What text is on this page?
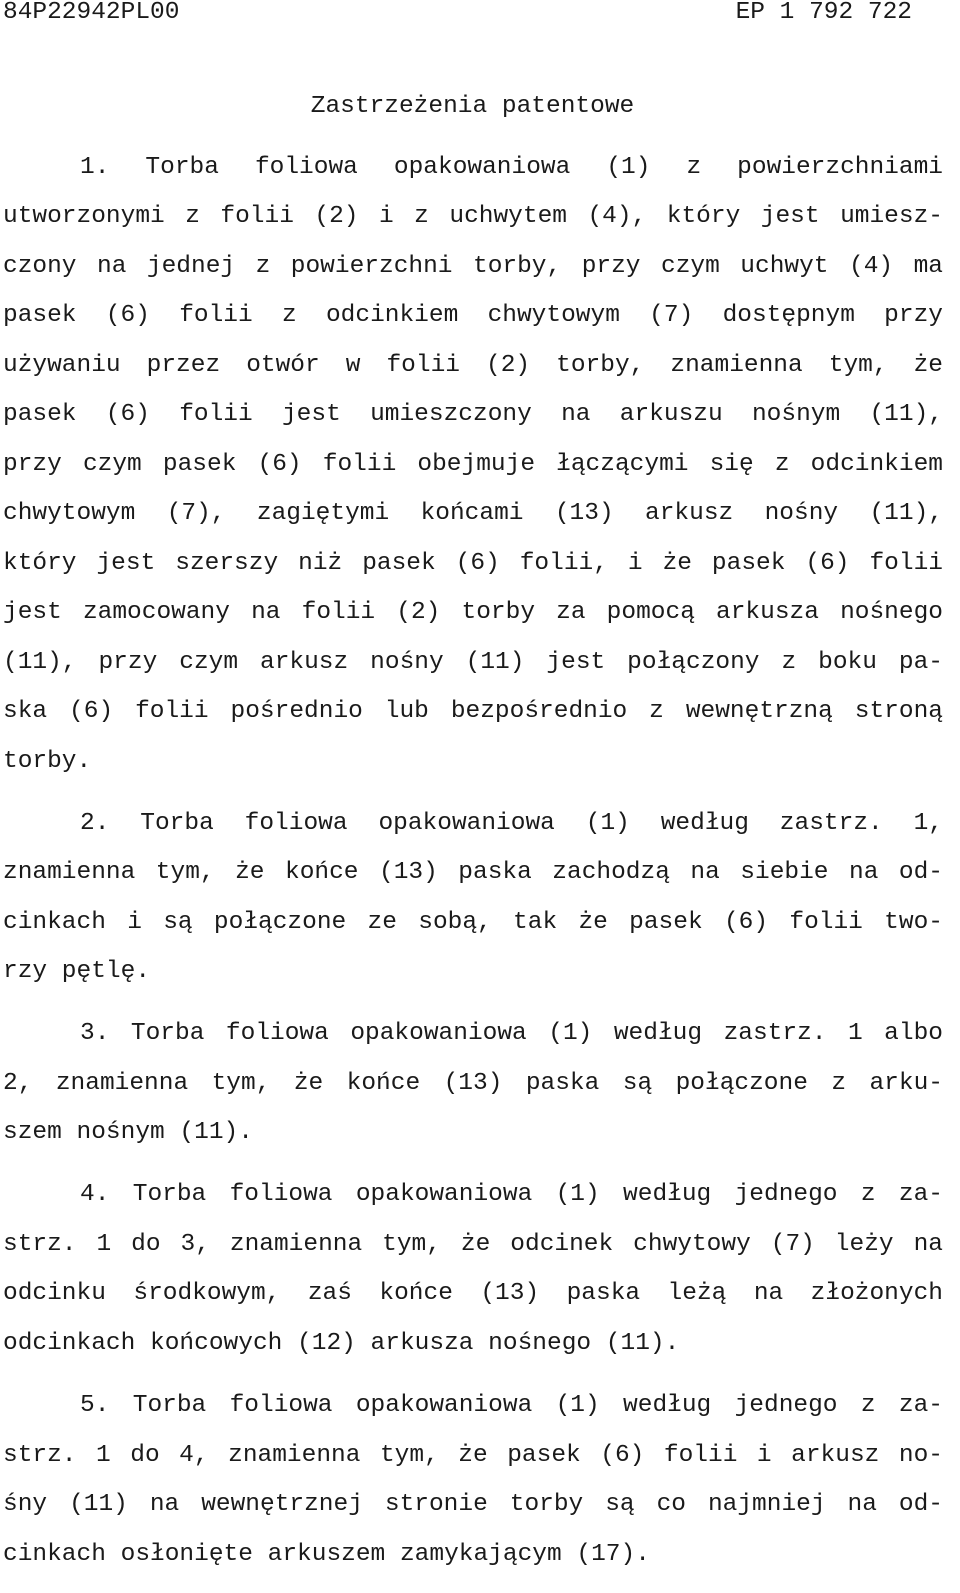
84P22942PL00	EP 1 792 722
Zastrzeżenia patentowe
1. Torba foliowa opakowaniowa (1) z powierzchniami
utworzonymi z folii (2) i z uchwytem (4), który jest umiesz-
czony na jednej z powierzchni torby, przy czym uchwyt (4) ma
pasek (6) folii z odcinkiem chwytowym (7) dostępnym przy
używaniu przez otwór w folii (2) torby, znamienna tym, że
pasek (6) folii jest umieszczony na arkuszu nośnym (11),
przy czym pasek (6) folii obejmuje łączącymi się z odcinkiem
chwytowym (7), zagiętymi końcami (13) arkusz nośny (11),
który jest szerszy niż pasek (6) folii, i że pasek (6) folii
jest zamocowany na folii (2) torby za pomocą arkusza nośnego
(11), przy czym arkusz nośny (11) jest połączony z boku pa-
ska (6) folii pośrednio lub bezpośrednio z wewnętrzną stroną
torby.
2. Torba foliowa opakowaniowa (1) według zastrz. 1,
znamienna tym, że końce (13) paska zachodzą na siebie na od-
cinkach i są połączone ze sobą, tak że pasek (6) folii two-
rzy pętlę.
3. Torba foliowa opakowaniowa (1) według zastrz. 1 albo
2, znamienna tym, że końce (13) paska są połączone z arku-
szem nośnym (11).
4. Torba foliowa opakowaniowa (1) według jednego z za-
strz. 1 do 3, znamienna tym, że odcinek chwytowy (7) leży na
odcinku środkowym, zaś końce (13) paska leżą na złożonych
odcinkach końcowych (12) arkusza nośnego (11).
5. Torba foliowa opakowaniowa (1) według jednego z za-
strz. 1 do 4, znamienna tym, że pasek (6) folii i arkusz no-
śny (11) na wewnętrznej stronie torby są co najmniej na od-
cinkach osłonięte arkuszem zamykającym (17).
